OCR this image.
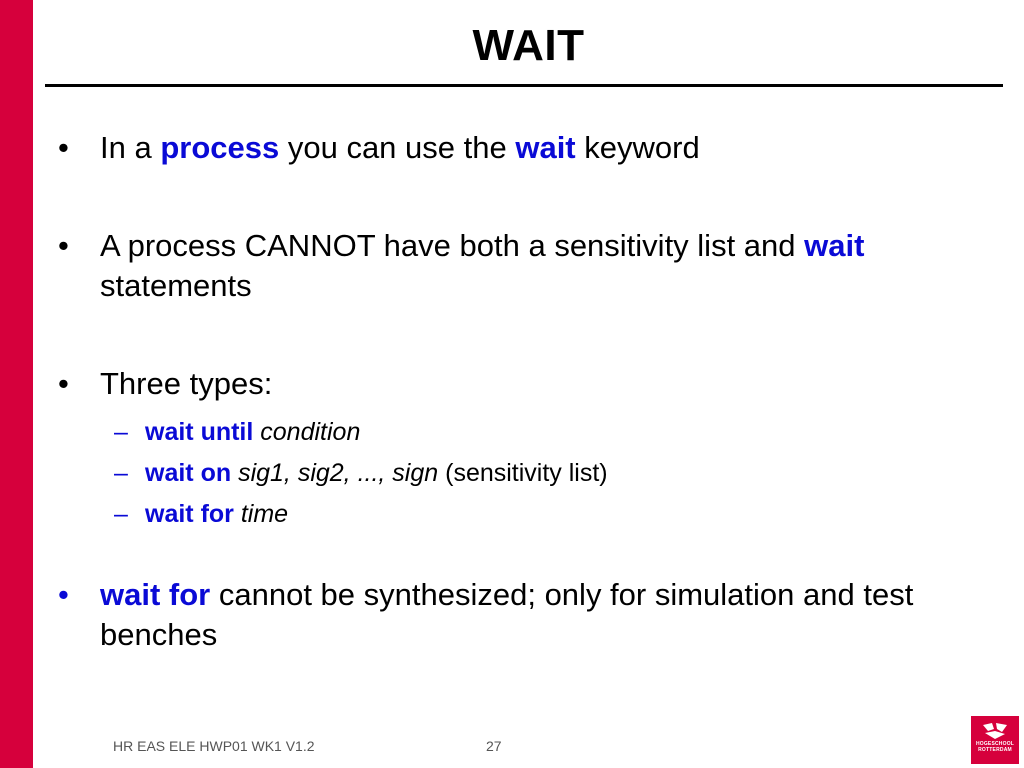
WAIT
• In a process you can use the wait keyword
• A process CANNOT have both a sensitivity list and wait statements
• Three types:
– wait until condition
– wait on sig1, sig2, ..., sign (sensitivity list)
– wait for time
• wait for cannot be synthesized; only for simulation and test benches
HR EAS ELE HWP01 WK1 V1.2	27	HOGESCHOOL
ROTTERDAM
